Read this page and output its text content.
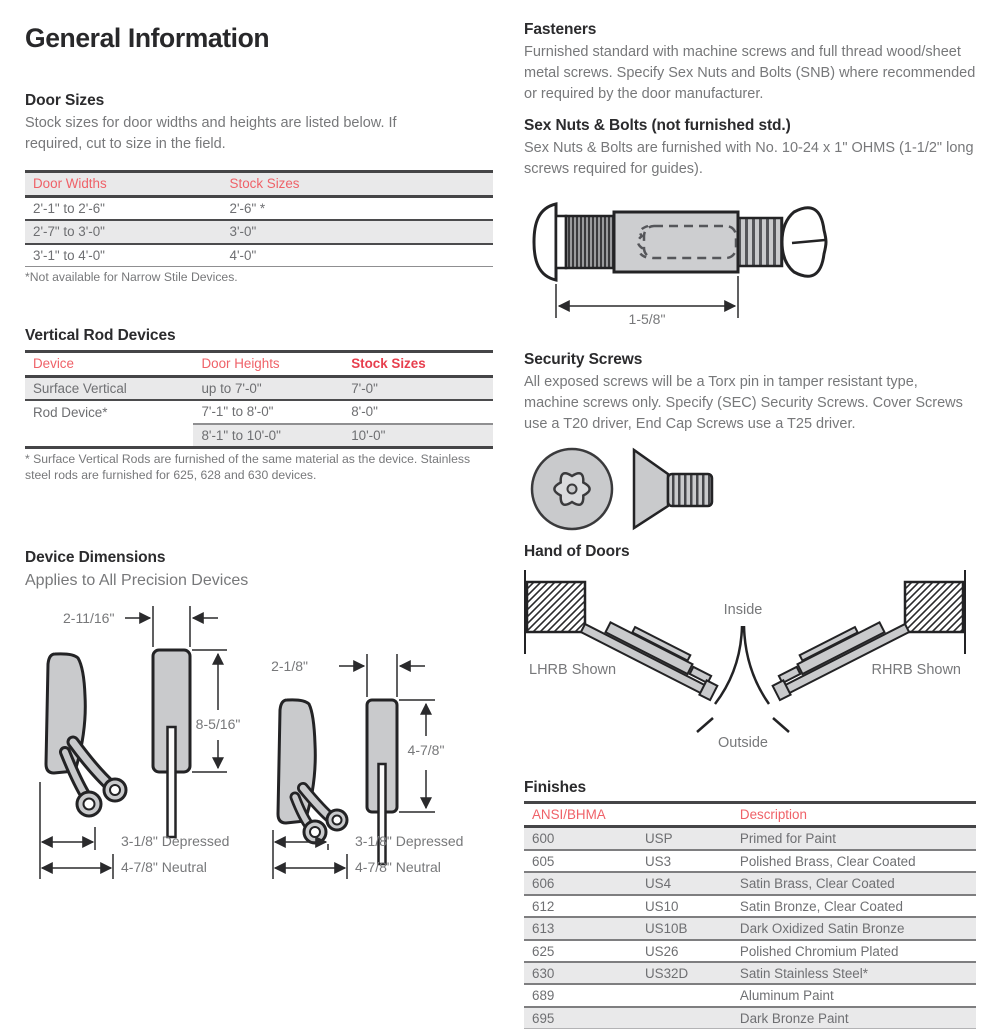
General Information
Door Sizes

Stock sizes for door widths and heights are listed below. If required, cut to size in the field.

Door Widths	Stock Sizes
2'-1" to 2'-6"	2'-6" *
2'-7" to 3'-0"	3'-0"
3'-1" to 4'-0"	4'-0"

*Not available for Narrow Stile Devices.

Vertical Rod Devices
Device	Door Heights	Stock Sizes
Surface Vertical	up to 7'-0"	7'-0"
Rod Device*	7'-1" to 8'-0"	8'-0"
	8'-1" to 10'-0"	10'-0"

* Surface Vertical Rods are furnished of the same material as the device. Stainless steel rods are furnished for 625, 628 and 630 devices.

Device Dimensions

Applies to All Precision Devices

2-11/16"
8-5/16"
3-1/8" Depressed
4-7/8" Neutral
2-1/8"
4-7/8"
3-1/8" Depressed
4-7/8" Neutral
Fasteners

Furnished standard with machine screws and full thread wood/sheet metal screws. Specify Sex Nuts and Bolts (SNB) where recommended or required by the door manufacturer.

Sex Nuts & Bolts (not furnished std.)

Sex Nuts & Bolts are furnished with No. 10-24 x 1" OHMS (1-1/2" long screws required for guides).

1-5/8"
Security Screws

All exposed screws will be a Torx pin in tamper resistant type, machine screws only. Specify (SEC) Security Screws. Cover Screws use a T20 driver, End Cap Screws use a T25 driver.

Hand of Doors
Inside
Outside
LHRB Shown	RHRB Shown
Finishes
ANSI/BHMA		Description
600	USP	Primed for Paint
605	US3	Polished Brass, Clear Coated
606	US4	Satin Brass, Clear Coated
612	US10	Satin Bronze, Clear Coated
613	US10B	Dark Oxidized Satin Bronze
625	US26	Polished Chromium Plated
630	US32D	Satin Stainless Steel*
689		Aluminum Paint
695		Dark Bronze Paint
